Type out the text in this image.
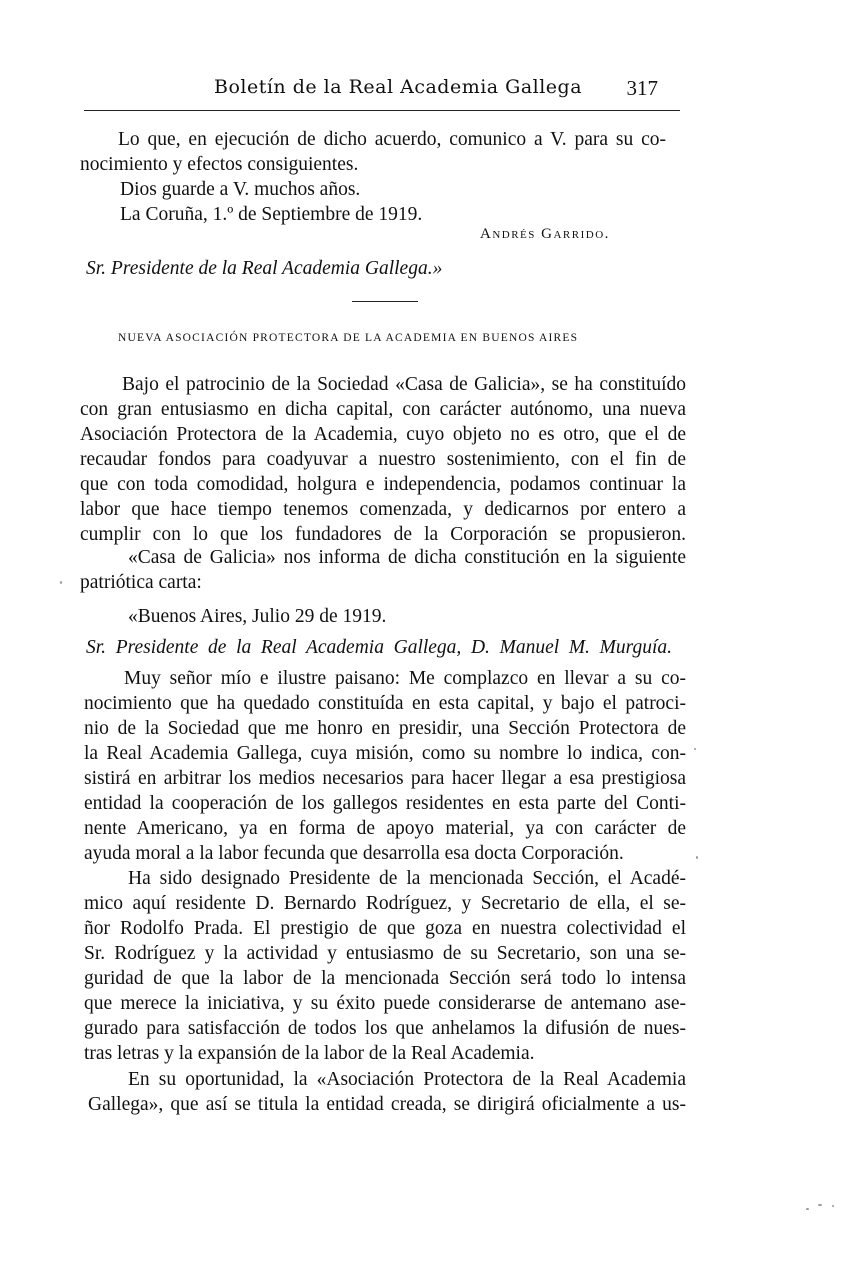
Boletín de la Real Academia Gallega 317
Lo que, en ejecución de dicho acuerdo, comunico a V. para su co-
nocimiento y efectos consiguientes.
Dios guarde a V. muchos años.
La Coruña, 1.º de Septiembre de 1919.
Andrés Garrido.
Sr. Presidente de la Real Academia Gallega.»
NUEVA ASOCIACIÓN PROTECTORA DE LA ACADEMIA EN BUENOS AIRES
Bajo el patrocinio de la Sociedad «Casa de Galicia», se ha constituído
con gran entusiasmo en dicha capital, con carácter autónomo, una nueva
Asociación Protectora de la Academia, cuyo objeto no es otro, que el de
recaudar fondos para coadyuvar a nuestro sostenimiento, con el fin de
que con toda comodidad, holgura e independencia, podamos continuar la
labor que hace tiempo tenemos comenzada, y dedicarnos por entero a
cumplir con lo que los fundadores de la Corporación se propusieron.
«Casa de Galicia» nos informa de dicha constitución en la siguiente
patriótica carta:
«Buenos Aires, Julio 29 de 1919.
Sr. Presidente de la Real Academia Gallega, D. Manuel M. Murguía.
Muy señor mío e ilustre paisano: Me complazco en llevar a su co-
nocimiento que ha quedado constituída en esta capital, y bajo el patroci-
nio de la Sociedad que me honro en presidir, una Sección Protectora de
la Real Academia Gallega, cuya misión, como su nombre lo indica, con-
sistirá en arbitrar los medios necesarios para hacer llegar a esa prestigiosa
entidad la cooperación de los gallegos residentes en esta parte del Conti-
nente Americano, ya en forma de apoyo material, ya con carácter de
ayuda moral a la labor fecunda que desarrolla esa docta Corporación.
Ha sido designado Presidente de la mencionada Sección, el Acadé-
mico aquí residente D. Bernardo Rodríguez, y Secretario de ella, el se-
ñor Rodolfo Prada. El prestigio de que goza en nuestra colectividad el
Sr. Rodríguez y la actividad y entusiasmo de su Secretario, son una se-
guridad de que la labor de la mencionada Sección será todo lo intensa
que merece la iniciativa, y su éxito puede considerarse de antemano ase-
gurado para satisfacción de todos los que anhelamos la difusión de nues-
tras letras y la expansión de la labor de la Real Academia.
En su oportunidad, la «Asociación Protectora de la Real Academia
Gallega», que así se titula la entidad creada, se dirigirá oficialmente a us-
